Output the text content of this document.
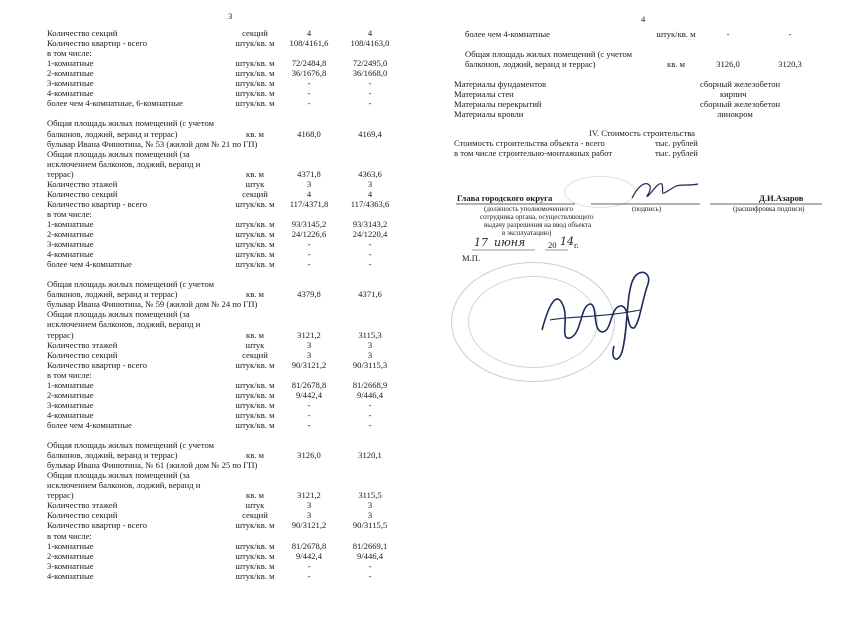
3	4
Количество секций	секций	4	4
Количество квартир - всего	штук/кв. м	108/4161,6	108/4163,0
в том числе:
1-комнатные	штук/кв. м	72/2484,8	72/2495,0
2-комнатные	штук/кв. м	36/1676,8	36/1668,0
3-комнатные	штук/кв. м	-	-
4-комнатные	штук/кв. м	-	-
более чем 4-комнатные, 6-комнатные	штук/кв. м	-	-
Общая площадь жилых помещений (с учетом
балконов, лоджий, веранд и террас)	кв. м	4168,0	4169,4
бульвар Ивана Финютина, № 53 (жилой дом № 21 по ГП)
Общая площадь жилых помещений (за
исключением балконов, лоджий, веранд и
террас)	кв. м	4371,8	4363,6
Количество этажей	штук	3	3
Количество секций	секций	4	4
Количество квартир - всего	штук/кв. м	117/4371,8	117/4363,6
в том числе:
1-комнатные	штук/кв. м	93/3145,2	93/3143,2
2-комнатные	штук/кв. м	24/1226,6	24/1220,4
3-комнатные	штук/кв. м	-	-
4-комнатные	штук/кв. м	-	-
более чем 4-комнатные	штук/кв. м	-	-
Общая площадь жилых помещений (с учетом
балконов, лоджий, веранд и террас)	кв. м	4379,8	4371,6
бульвар Ивана Финютина, № 59 (жилой дом № 24 по ГП)
Общая площадь жилых помещений (за
исключением балконов, лоджий, веранд и
террас)	кв. м	3121,2	3115,3
Количество этажей	штук	3	3
Количество секций	секций	3	3
Количество квартир - всего	штук/кв. м	90/3121,2	90/3115,3
в том числе:
1-комнатные	штук/кв. м	81/2678,8	81/2668,9
2-комнатные	штук/кв. м	9/442,4	9/446,4
3-комнатные	штук/кв. м	-	-
4-комнатные	штук/кв. м	-	-
более чем 4-комнатные	штук/кв. м	-	-
Общая площадь жилых помещений (с учетом
балконов, лоджий, веранд и террас)	кв. м	3126,0	3120,1
бульвар Ивана Финютина, № 61 (жилой дом № 25 по ГП)
Общая площадь жилых помещений (за
исключением балконов, лоджий, веранд и
террас)	кв. м	3121,2	3115,5
Количество этажей	штук	3	3
Количество секций	секций	3	3
Количество квартир - всего	штук/кв. м	90/3121,2	90/3115,5
в том числе:
1-комнатные	штук/кв. м	81/2678,8	81/2669,1
2-комнатные	штук/кв. м	9/442,4	9/446,4
3-комнатные	штук/кв. м	-	-
4-комнатные	штук/кв. м	-	-
более чем 4-комнатные	штук/кв. м	-	-
Общая площадь жилых помещений (с учетом
балконов, лоджий, веранд и террас)	кв. м	3126,0	3120,3
Материалы фундаментов	сборный железобетон
Материалы стен	кирпич
Материалы перекрытий	сборный железобетон
Материалы кровли	линокром
IV. Стоимость строительства
Стоимость строительства объекта - всего	тыс. рублей
в том числе строительно-монтажных работ	тыс. рублей
Глава городского округа	Д.И.Азаров
(должность уполномоченного
сотрудника органа, осуществляющего
выдачу разрешения на ввод объекта
в эксплуатацию)
(подпись)	(расшифровка подписи)
17 июня	20 14 г.
М.П.
